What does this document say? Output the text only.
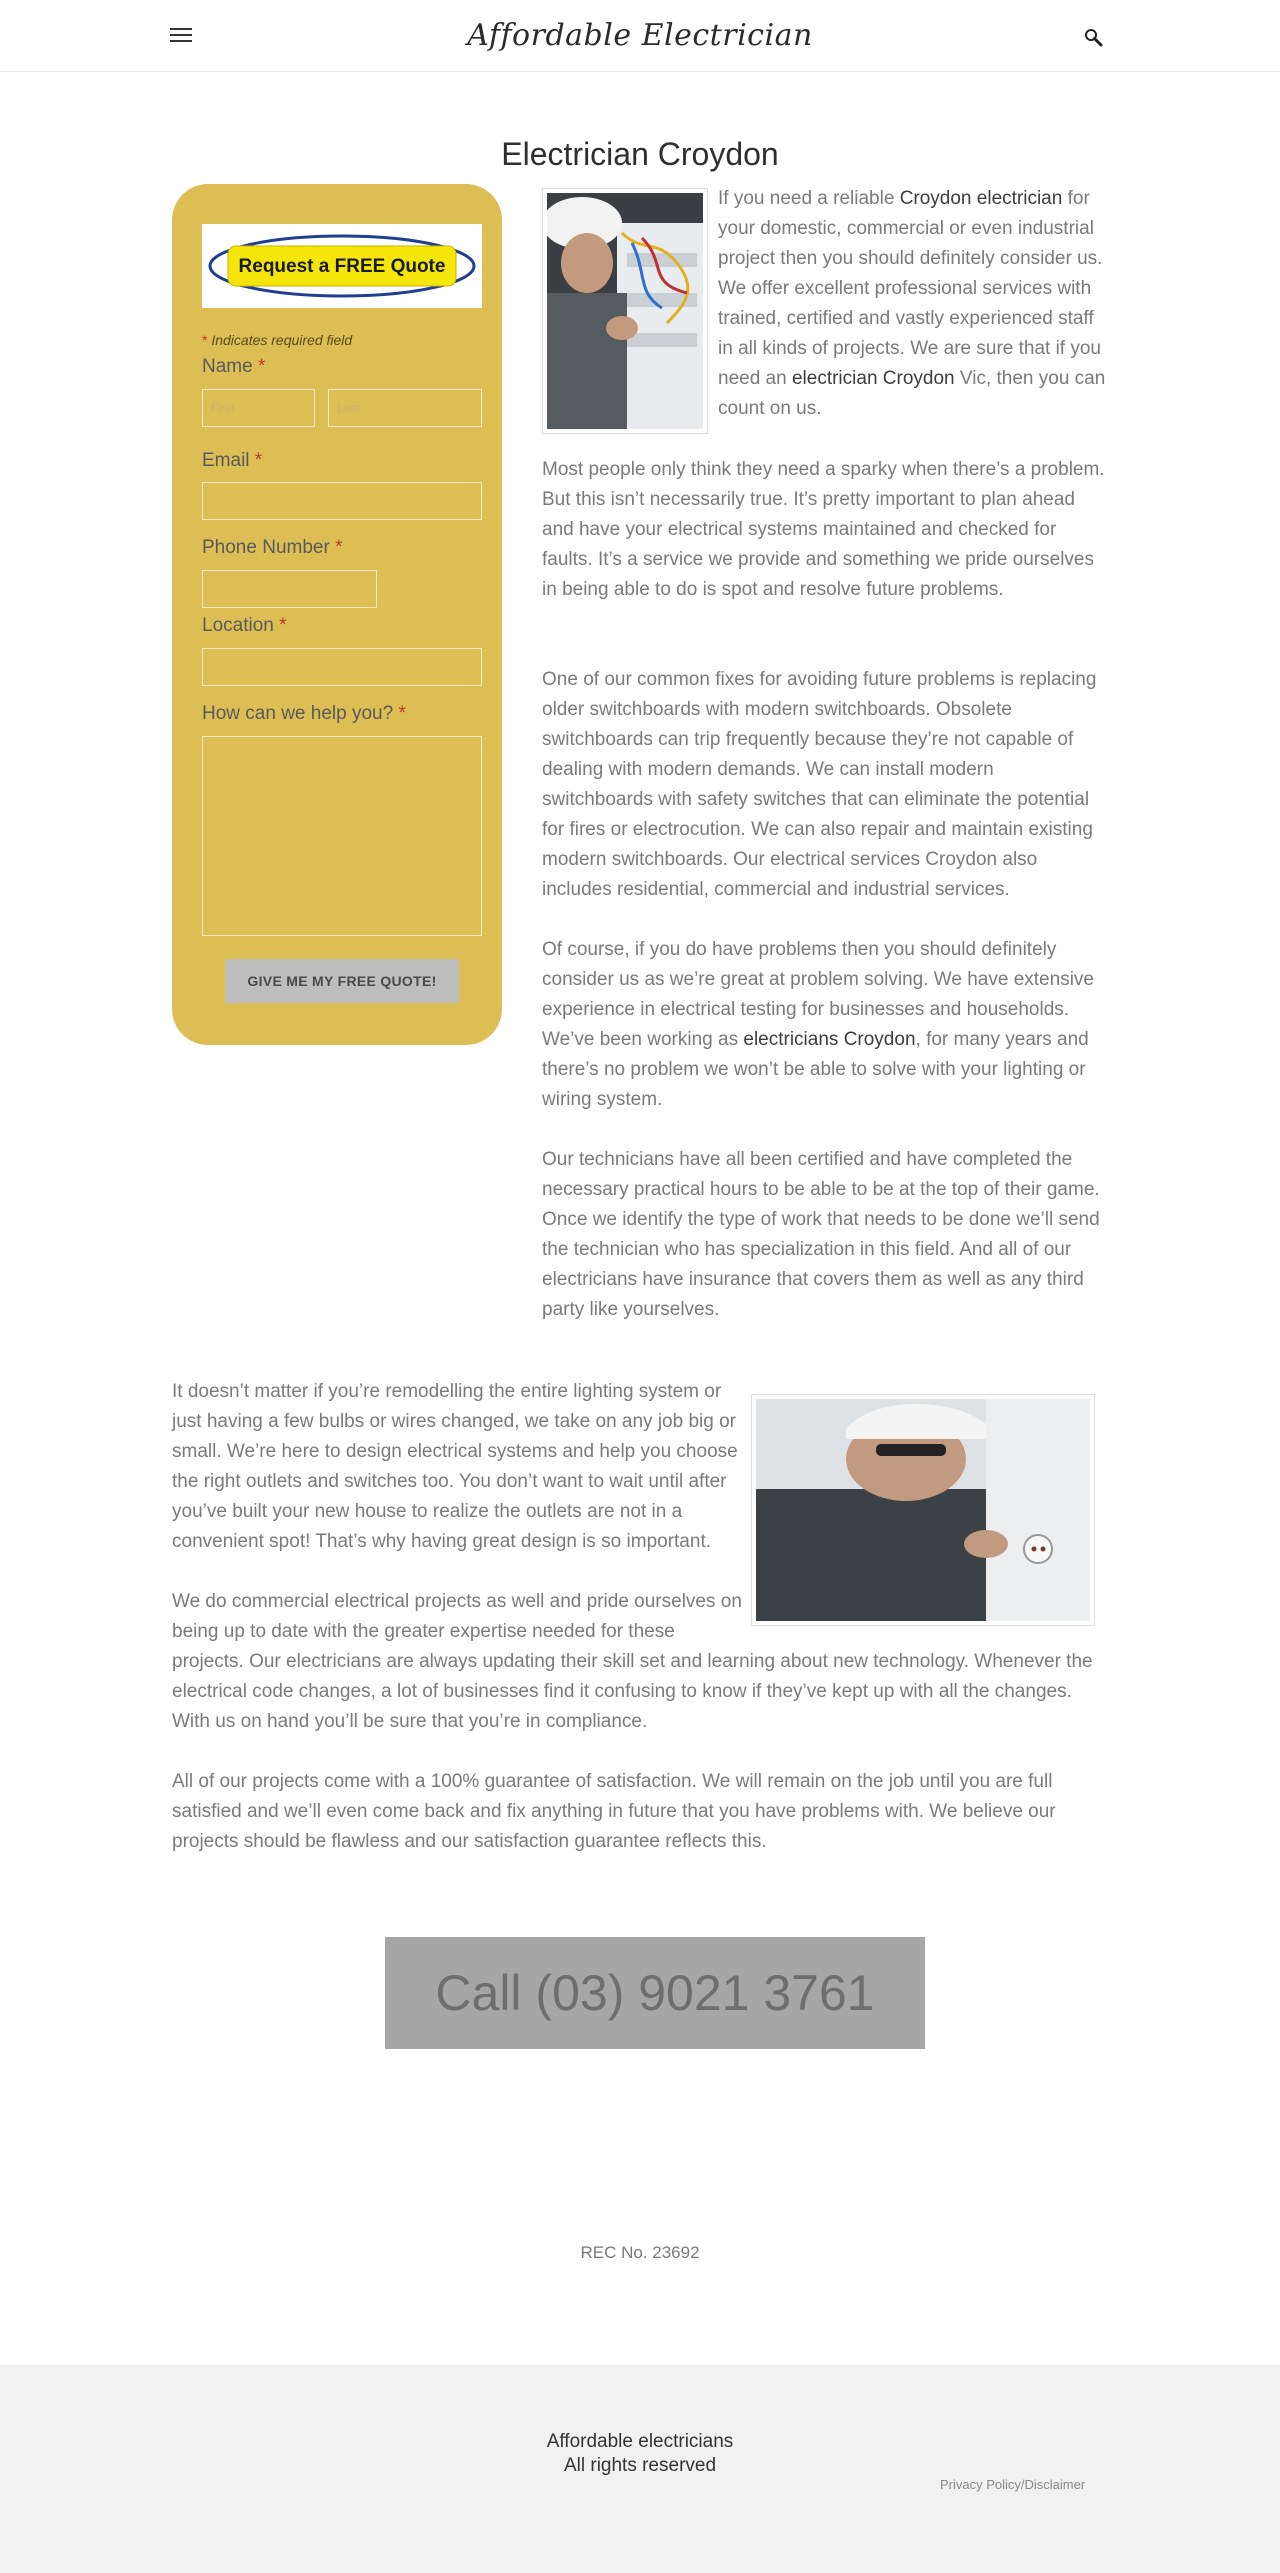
Affordable Electrician
Electrician Croydon
Request a FREE Quote
* Indicates required field
Name *
First
Last
Email *
Phone Number *
Location *
How can we help you? *
GIVE ME MY FREE QUOTE!
If you need a reliable Croydon electrician for your domestic, commercial or even industrial project then you should definitely consider us. We offer excellent professional services with trained, certified and vastly experienced staff in all kinds of projects. We are sure that if you need an electrician Croydon Vic, then you can count on us.
Most people only think they need a sparky when there’s a problem. But this isn’t necessarily true. It’s pretty important to plan ahead and have your electrical systems maintained and checked for faults. It’s a service we provide and something we pride ourselves in being able to do is spot and resolve future problems.
One of our common fixes for avoiding future problems is replacing older switchboards with modern switchboards. Obsolete switchboards can trip frequently because they’re not capable of dealing with modern demands. We can install modern switchboards with safety switches that can eliminate the potential for fires or electrocution. We can also repair and maintain existing modern switchboards. Our electrical services Croydon also includes residential, commercial and industrial services.
Of course, if you do have problems then you should definitely consider us as we’re great at problem solving. We have extensive experience in electrical testing for businesses and households. We’ve been working as electricians Croydon, for many years and there’s no problem we won’t be able to solve with your lighting or wiring system.
Our technicians have all been certified and have completed the necessary practical hours to be able to be at the top of their game. Once we identify the type of work that needs to be done we’ll send the technician who has specialization in this field. And all of our electricians have insurance that covers them as well as any third party like yourselves.
It doesn’t matter if you’re remodelling the entire lighting system or just having a few bulbs or wires changed, we take on any job big or small. We’re here to design electrical systems and help you choose the right outlets and switches too. You don’t want to wait until after you’ve built your new house to realize the outlets are not in a convenient spot! That’s why having great design is so important.
We do commercial electrical projects as well and pride ourselves on being up to date with the greater expertise needed for these
projects. Our electricians are always updating their skill set and learning about new technology. Whenever the electrical code changes, a lot of businesses find it confusing to know if they’ve kept up with all the changes. With us on hand you’ll be sure that you’re in compliance.
All of our projects come with a 100% guarantee of satisfaction. We will remain on the job until you are full satisfied and we’ll even come back and fix anything in future that you have problems with. We believe our projects should be flawless and our satisfaction guarantee reflects this.
Call (03) 9021 3761
REC No. 23692
Affordable electricians
All rights reserved
Privacy Policy/Disclaimer
